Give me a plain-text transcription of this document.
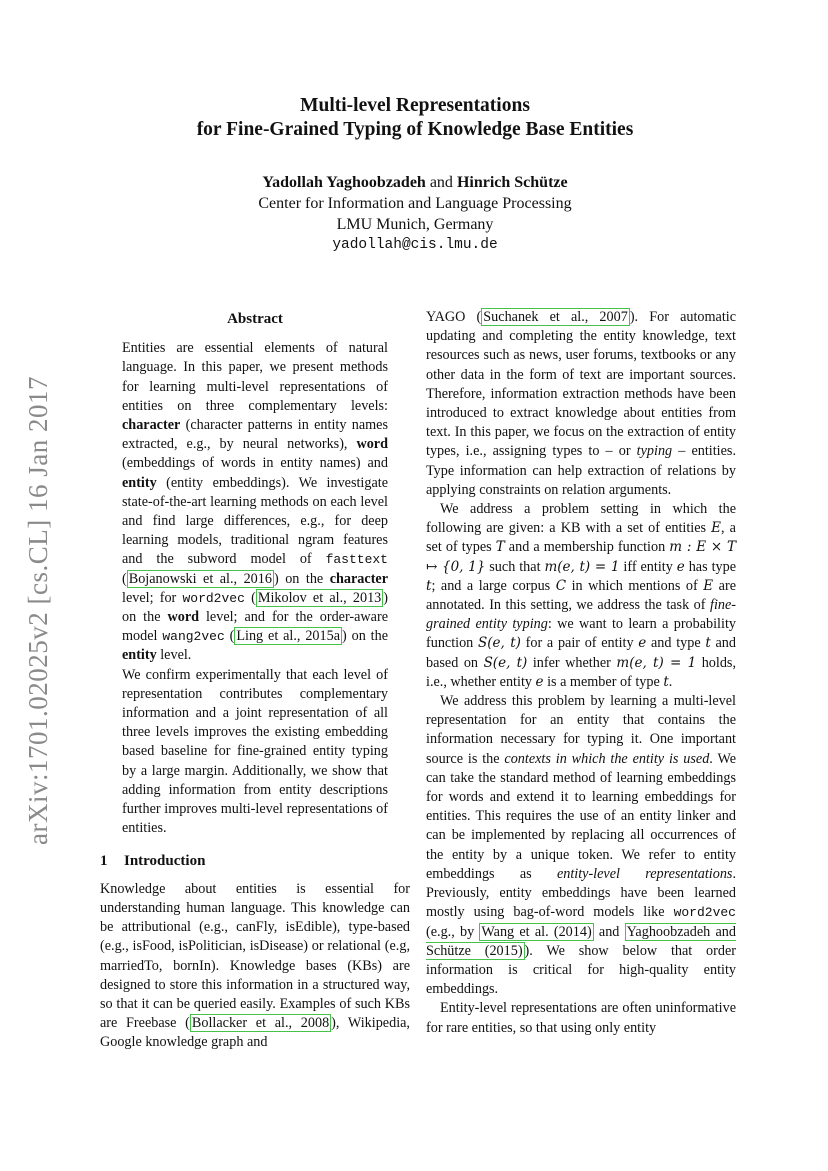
arXiv:1701.02025v2 [cs.CL] 16 Jan 2017

Multi-level Representations

for Fine-Grained Typing of Knowledge Base Entities

Yadollah Yaghoobzadeh and Hinrich Schütze
Center for Information and Language Processing
LMU Munich, Germany
yadollah@cis.lmu.de
Abstract

Entities are essential elements of natural language. In this paper, we present methods for learning multi-level representations of entities on three complementary levels: character (character patterns in entity names extracted, e.g., by neural networks), word (embeddings of words in entity names) and entity (entity embeddings). We investigate state-of-the-art learning methods on each level and find large differences, e.g., for deep learning models, traditional ngram features and the subword model of fasttext ( Bojanowski et al., 2016 ) on the character level; for word2vec ( Mikolov et al., 2013 ) on the word level; and for the order-aware model wang2vec ( Ling et al., 2015a ) on the entity level.

We confirm experimentally that each level of representation contributes complementary information and a joint representation of all three levels improves the existing embedding based baseline for fine-grained entity typing by a large margin. Additionally, we show that adding information from entity descriptions further improves multi-level representations of entities.

1 Introduction

Knowledge about entities is essential for understanding human language. This knowledge can be attributional (e.g., canFly, isEdible), type-based (e.g., isFood, isPolitician, isDisease) or relational (e.g, marriedTo, bornIn). Knowledge bases (KBs) are designed to store this information in a structured way, so that it can be queried easily. Examples of such KBs are Freebase ( Bollacker et al., 2008 ), Wikipedia, Google knowledge graph and

YAGO ( Suchanek et al., 2007 ). For automatic updating and completing the entity knowledge, text resources such as news, user forums, textbooks or any other data in the form of text are important sources. Therefore, information extraction methods have been introduced to extract knowledge about entities from text. In this paper, we focus on the extraction of entity types, i.e., assigning types to – or typing – entities. Type information can help extraction of relations by applying constraints on relation arguments.

We address a problem setting in which the following are given: a KB with a set of entities E, a set of types T and a membership function m : E × T ↦ {0, 1} such that m(e, t) = 1 iff entity e has type t; and a large corpus C in which mentions of E are annotated. In this setting, we address the task of fine-grained entity typing: we want to learn a probability function S(e, t) for a pair of entity e and type t and based on S(e, t) infer whether m(e, t) = 1 holds, i.e., whether entity e is a member of type t.

We address this problem by learning a multi-level representation for an entity that contains the information necessary for typing it. One important source is the contexts in which the entity is used. We can take the standard method of learning embeddings for words and extend it to learning embeddings for entities. This requires the use of an entity linker and can be implemented by replacing all occurrences of the entity by a unique token. We refer to entity embeddings as entity-level representations. Previously, entity embeddings have been learned mostly using bag-of-word models like word2vec (e.g., by Wang et al. (2014) and Yaghoobzadeh and Schütze (2015) ). We show below that order information is critical for high-quality entity embeddings.

Entity-level representations are often uninformative for rare entities, so that using only entity
